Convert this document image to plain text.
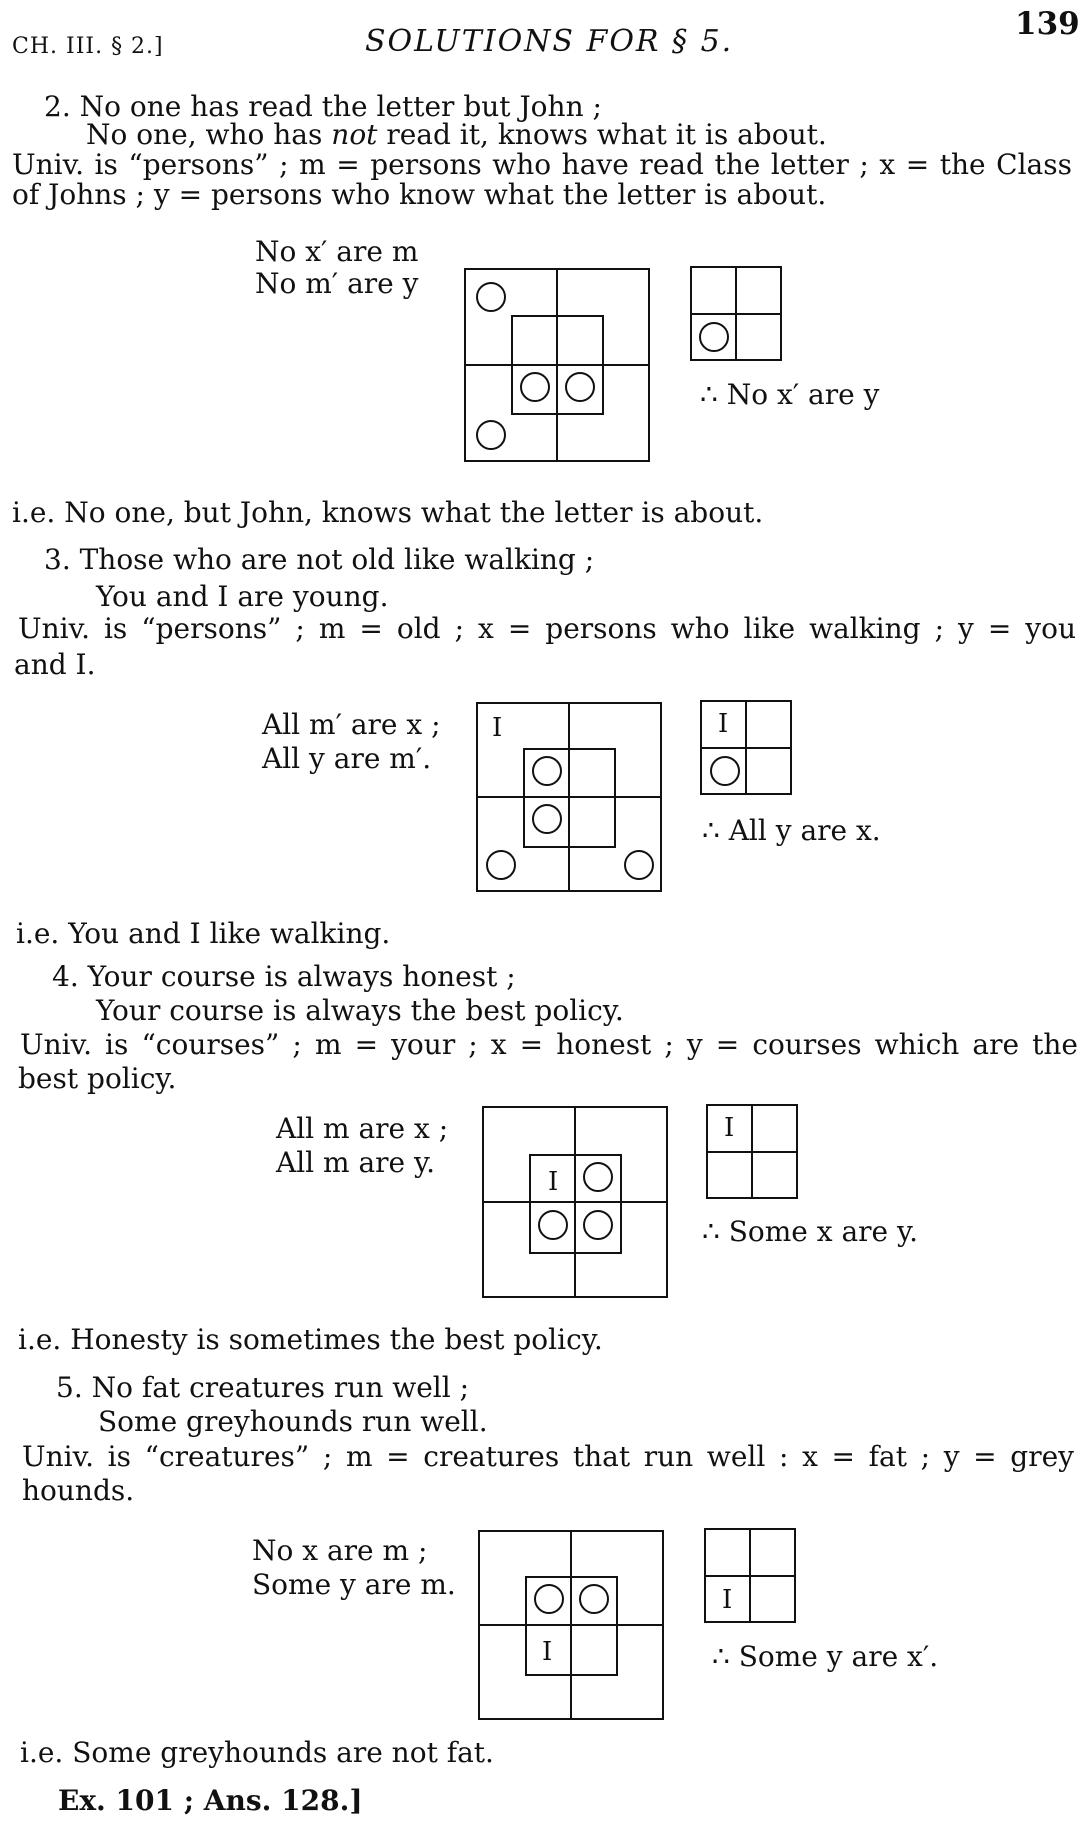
CH. III. § 2.]	SOLUTIONS FOR § 5.	139
2. No one has read the letter but John ;
No one, who has not read it, knows what it is about.
Univ. is “persons” ; m = persons who have read the letter ; x = the Class
of Johns ; y = persons who know what the letter is about.
No x′ are m
No m′ are y
∴ No x′ are y
i.e. No one, but John, knows what the letter is about.
3. Those who are not old like walking ;
You and I are young.
Univ. is “persons” ; m = old ; x = persons who like walking ; y = you
and I.
All m′ are x ;
All y are m′.
I	I
∴ All y are x.
i.e. You and I like walking.
4. Your course is always honest ;
Your course is always the best policy.
Univ. is “courses” ; m = your ; x = honest ; y = courses which are the
best policy.
All m are x ;
All m are y.
I
I
∴ Some x are y.
i.e. Honesty is sometimes the best policy.
5. No fat creatures run well ;
Some greyhounds run well.
Univ. is “creatures” ; m = creatures that run well : x = fat ; y = grey
hounds.
No x are m ;
Some y are m.
I
I
∴ Some y are x′.
i.e. Some greyhounds are not fat.
Ex. 101 ; Ans. 128.]
